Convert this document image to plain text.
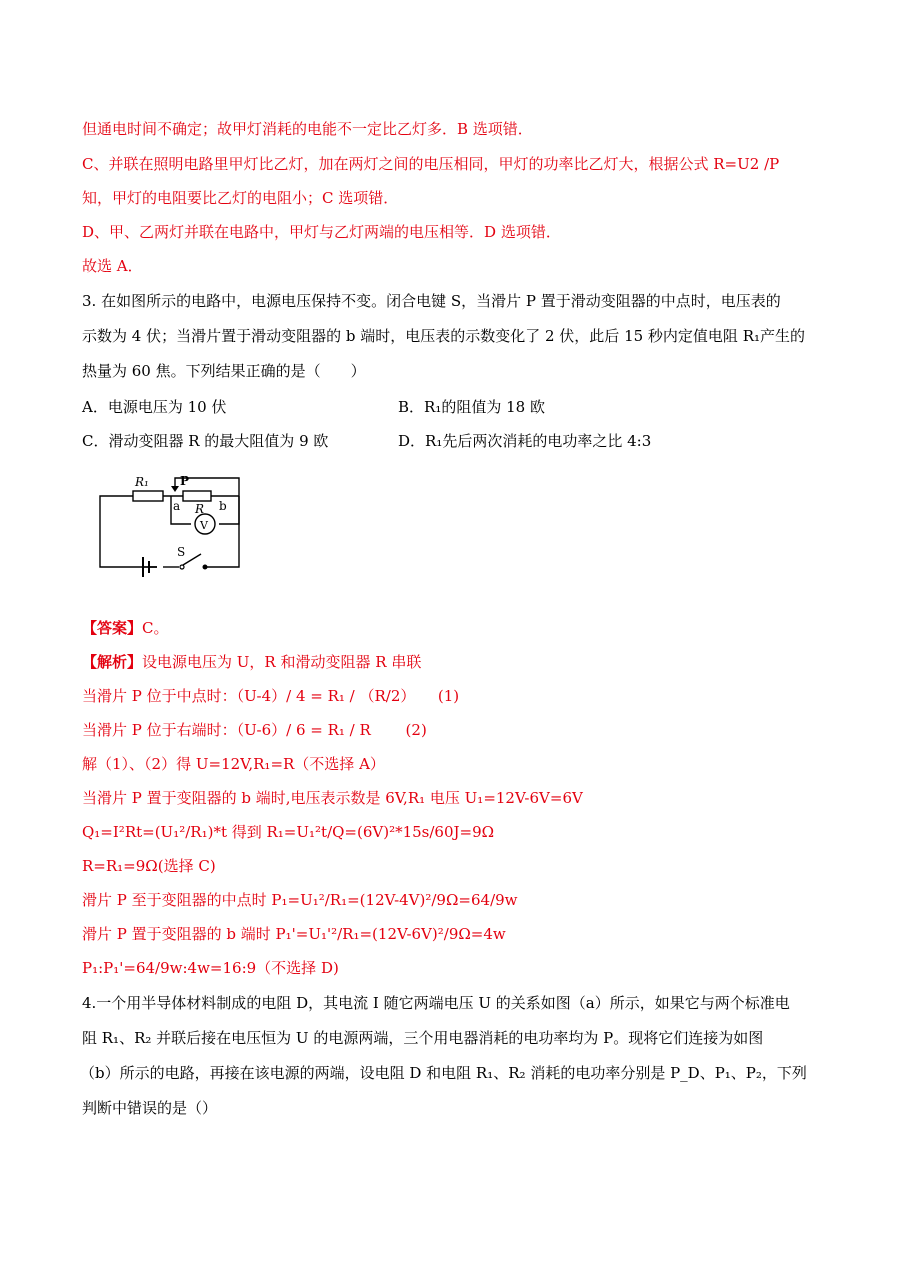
但通电时间不确定；故甲灯消耗的电能不一定比乙灯多．B 选项错．
C、并联在照明电路里甲灯比乙灯，加在两灯之间的电压相同，甲灯的功率比乙灯大，根据公式 R=U2 /P
知，甲灯的电阻要比乙灯的电阻小；C 选项错．
D、甲、乙两灯并联在电路中，甲灯与乙灯两端的电压相等．D 选项错．
故选 A．
3. 在如图所示的电路中，电源电压保持不变。闭合电键 S，当滑片 P 置于滑动变阻器的中点时，电压表的
示数为 4 伏；当滑片置于滑动变阻器的 b 端时，电压表的示数变化了 2 伏，此后 15 秒内定值电阻 R₁产生的
热量为 60 焦。下列结果正确的是（　　）
A．电源电压为 10 伏	B．R₁的阻值为 18 欧
C．滑动变阻器 R 的最大阻值为 9 欧	D．R₁先后两次消耗的电功率之比 4:3
R₁	P
R
a	b
V
S
【答案】C。
【解析】设电源电压为 U，R 和滑动变阻器 R 串联
当滑片 P 位于中点时：（U-4）/ 4 = R₁ / （R/2）　　(1)
当滑片 P 位于右端时：（U-6）/ 6 = R₁ / R　　 (2)
解（1）、（2）得 U=12V,R₁=R（不选择 A）
当滑片 P 置于变阻器的 b 端时,电压表示数是 6V,R₁ 电压 U₁=12V-6V=6V
Q₁=I²Rt=(U₁²/R₁)*t 得到 R₁=U₁²t/Q=(6V)²*15s/60J=9Ω
R=R₁=9Ω(选择 C)
滑片 P 至于变阻器的中点时 P₁=U₁²/R₁=(12V-4V)²/9Ω=64/9w
滑片 P 置于变阻器的 b 端时 P₁'=U₁'²/R₁=(12V-6V)²/9Ω=4w
P₁:P₁'=64/9w:4w=16:9（不选择 D)
4.一个用半导体材料制成的电阻 D，其电流 I 随它两端电压 U 的关系如图（a）所示，如果它与两个标准电
阻 R₁、R₂ 并联后接在电压恒为 U 的电源两端，三个用电器消耗的电功率均为 P。现将它们连接为如图
（b）所示的电路，再接在该电源的两端，设电阻 D 和电阻 R₁、R₂ 消耗的电功率分别是 P_D、P₁、P₂，下列
判断中错误的是（）
